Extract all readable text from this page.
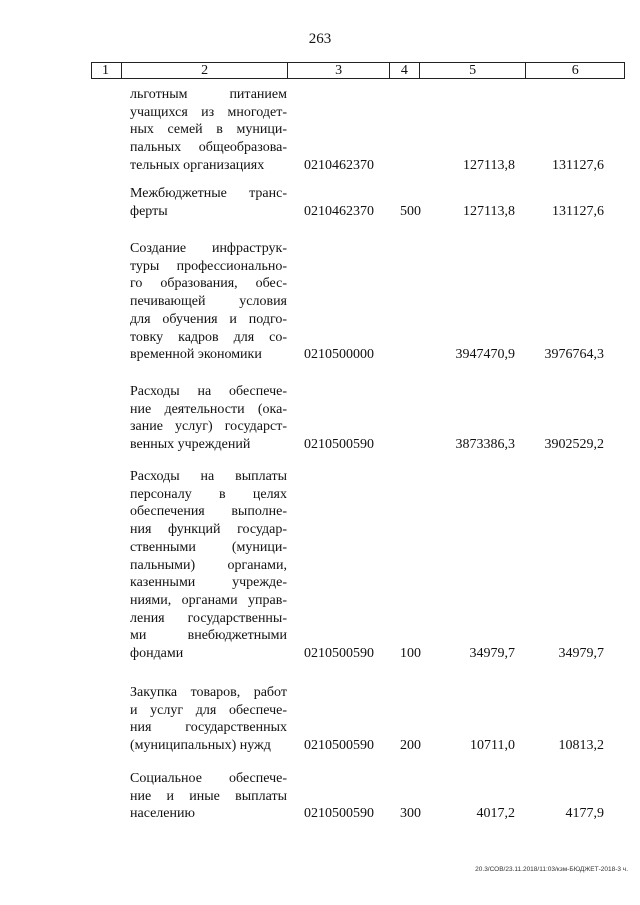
263
1	2	3	4	5	6
льготным питанием
учащихся из многодет-
ных семей в муници-
пальных общеобразова-
тельных организациях	0210462370	127113,8	131127,6
Межбюджетные транс-
ферты	0210462370 500	127113,8	131127,6
Создание инфраструк-
туры профессионально-
го образования, обес-
печивающей условия
для обучения и подго-
товку кадров для со-
временной экономики	0210500000	3947470,9 3976764,3
Расходы на обеспече-
ние деятельности (ока-
зание услуг) государст-
венных учреждений	0210500590	3873386,3 3902529,2
Расходы на выплаты
персоналу в целях
обеспечения выполне-
ния функций государ-
ственными (муници-
пальными) органами,
казенными учрежде-
ниями, органами управ-
ления государственны-
ми внебюджетными
фондами	0210500590 100	34979,7	34979,7
Закупка товаров, работ
и услуг для обеспече-
ния государственных
(муниципальных) нужд	0210500590 200	10711,0	10813,2
Социальное обеспече-
ние и иные выплаты
населению	0210500590 300	4017,2	4177,9
20.3/СОВ/23.11.2018/11:03/кзм-БЮДЖЕТ-2018-3 ч.
